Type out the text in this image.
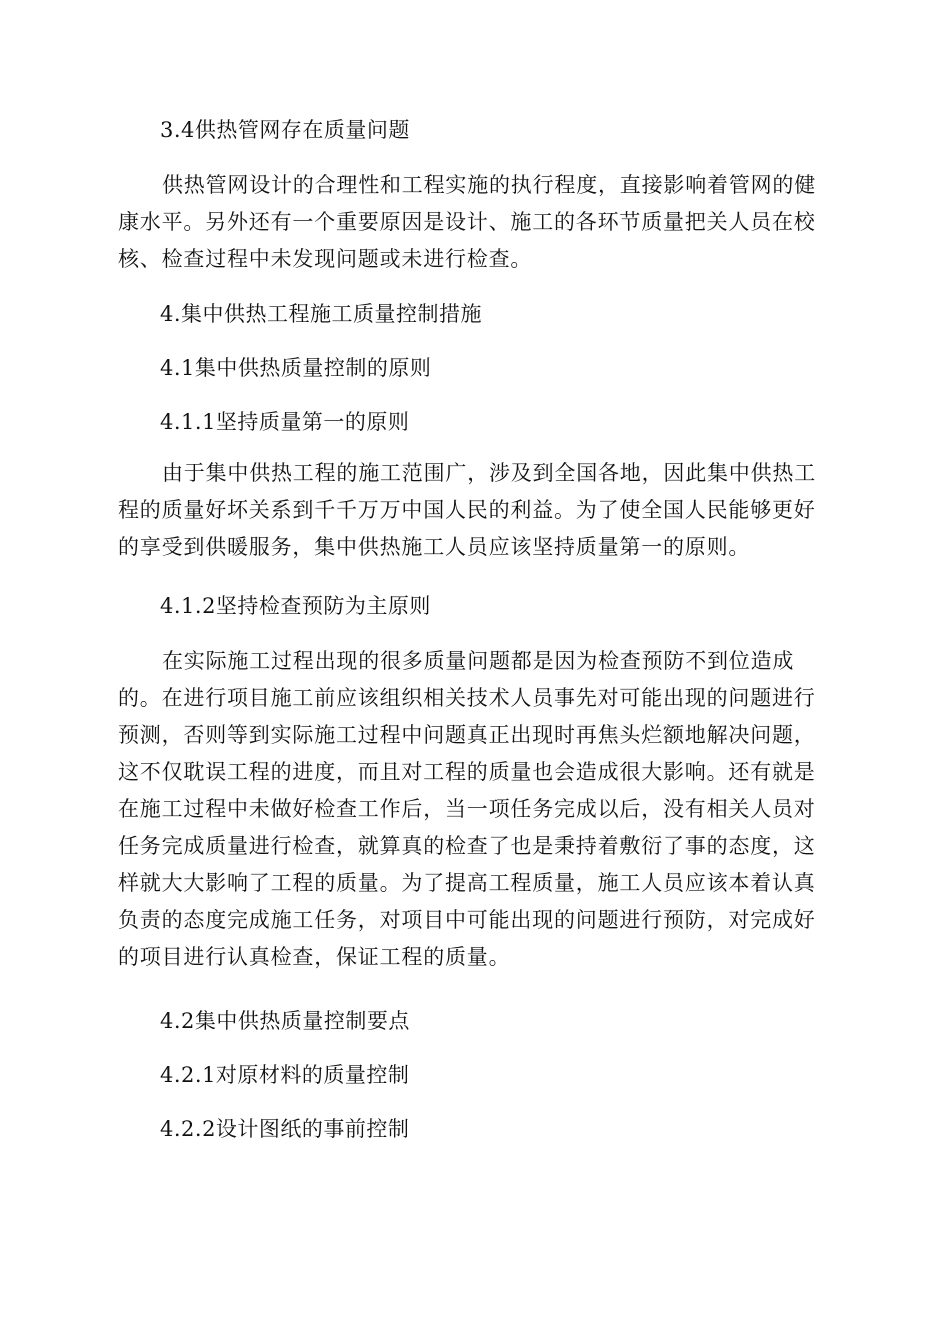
3.4供热管网存在质量问题
供热管网设计的合理性和工程实施的执行程度，直接影响着管网的健
康水平。另外还有一个重要原因是设计、施工的各环节质量把关人员在校
核、检查过程中未发现问题或未进行检查。
4.集中供热工程施工质量控制措施
4.1集中供热质量控制的原则
4.1.1坚持质量第一的原则
由于集中供热工程的施工范围广，涉及到全国各地，因此集中供热工
程的质量好坏关系到千千万万中国人民的利益。为了使全国人民能够更好
的享受到供暖服务，集中供热施工人员应该坚持质量第一的原则。
4.1.2坚持检查预防为主原则
在实际施工过程出现的很多质量问题都是因为检查预防不到位造成
的。在进行项目施工前应该组织相关技术人员事先对可能出现的问题进行
预测，否则等到实际施工过程中问题真正出现时再焦头烂额地解决问题，
这不仅耽误工程的进度，而且对工程的质量也会造成很大影响。还有就是
在施工过程中未做好检查工作后，当一项任务完成以后，没有相关人员对
任务完成质量进行检查，就算真的检查了也是秉持着敷衍了事的态度，这
样就大大影响了工程的质量。为了提高工程质量，施工人员应该本着认真
负责的态度完成施工任务，对项目中可能出现的问题进行预防，对完成好
的项目进行认真检查，保证工程的质量。
4.2集中供热质量控制要点
4.2.1对原材料的质量控制
4.2.2设计图纸的事前控制
